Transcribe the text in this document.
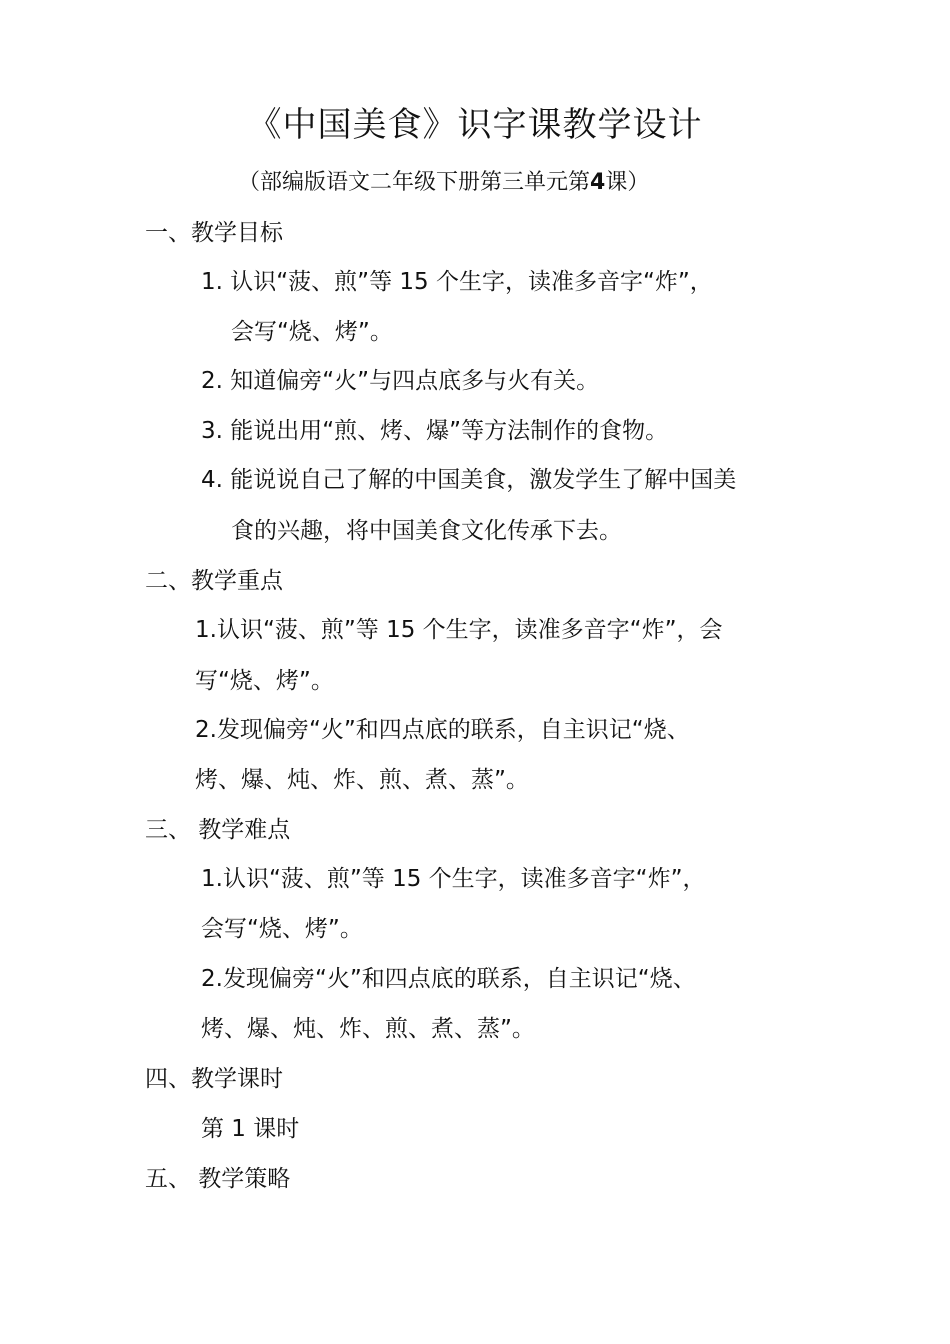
《中国美食》识字课教学设计
（部编版语文二年级下册第三单元第4课）
一、教学目标
1. 认识“菠、煎”等 15 个生字，读准多音字“炸”，
会写“烧、烤”。
2. 知道偏旁“火”与四点底多与火有关。
3. 能说出用“煎、烤、爆”等方法制作的食物。
4. 能说说自己了解的中国美食，激发学生了解中国美
食的兴趣，将中国美食文化传承下去。
二、教学重点
1.认识“菠、煎”等 15 个生字，读准多音字“炸”，会
写“烧、烤”。
2.发现偏旁“火”和四点底的联系，自主识记“烧、
烤、爆、炖、炸、煎、煮、蒸”。
三、 教学难点
1.认识“菠、煎”等 15 个生字，读准多音字“炸”，
会写“烧、烤”。
2.发现偏旁“火”和四点底的联系，自主识记“烧、
烤、爆、炖、炸、煎、煮、蒸”。
四、教学课时
第 1 课时
五、 教学策略
